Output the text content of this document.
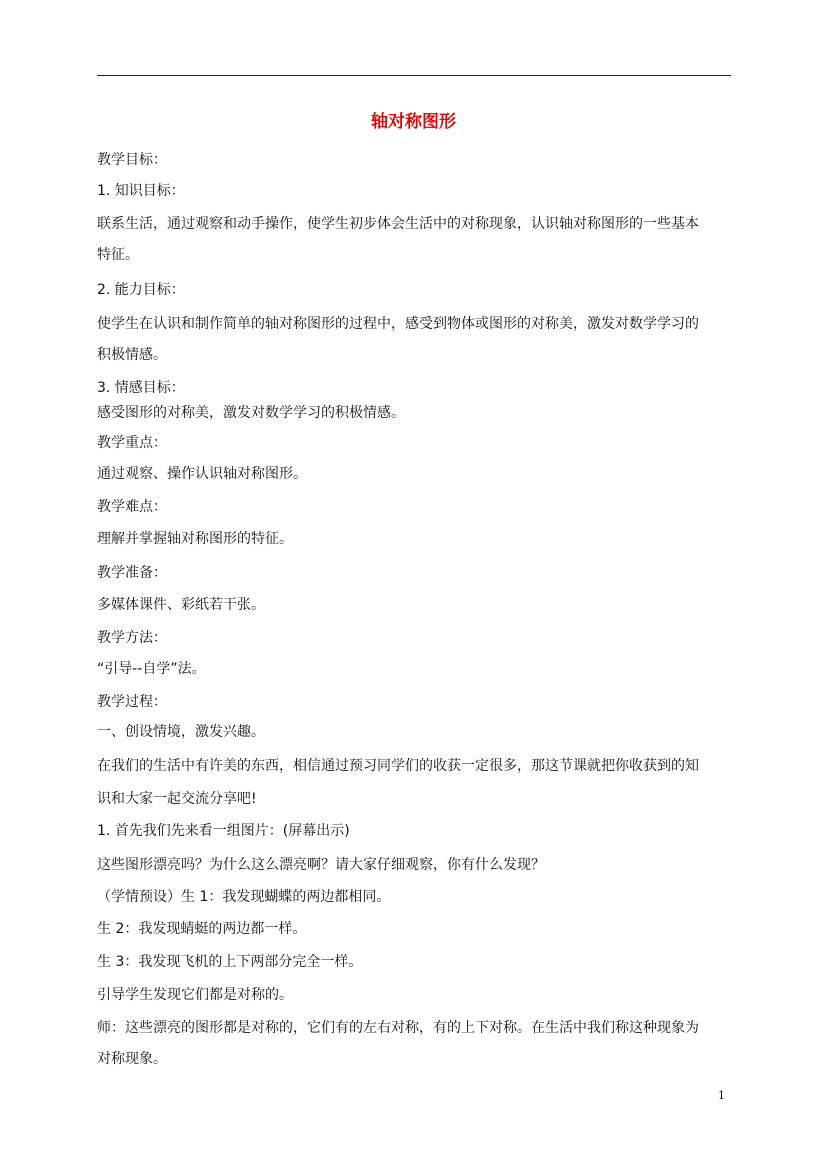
轴对称图形
教学目标：
1. 知识目标：
联系生活，通过观察和动手操作，使学生初步体会生活中的对称现象，认识轴对称图形的一些基本
特征。
2. 能力目标：
使学生在认识和制作简单的轴对称图形的过程中，感受到物体或图形的对称美，激发对数学学习的
积极情感。
3. 情感目标：
感受图形的对称美，激发对数学学习的积极情感。
教学重点：
通过观察、操作认识轴对称图形。
教学难点：
理解并掌握轴对称图形的特征。
教学准备：
多媒体课件、彩纸若干张。
教学方法：
“引导--自学”法。
教学过程：
一、创设情境，激发兴趣。
在我们的生活中有许美的东西，相信通过预习同学们的收获一定很多，那这节课就把你收获到的知
识和大家一起交流分享吧!
1. 首先我们先来看一组图片：(屏幕出示)
这些图形漂亮吗？为什么这么漂亮啊？请大家仔细观察，你有什么发现？
（学情预设）生 1：我发现蝴蝶的两边都相同。
生 2：我发现蜻蜓的两边都一样。
生 3：我发现飞机的上下两部分完全一样。
引导学生发现它们都是对称的。
师：这些漂亮的图形都是对称的，它们有的左右对称，有的上下对称。在生活中我们称这种现象为
对称现象。
1
